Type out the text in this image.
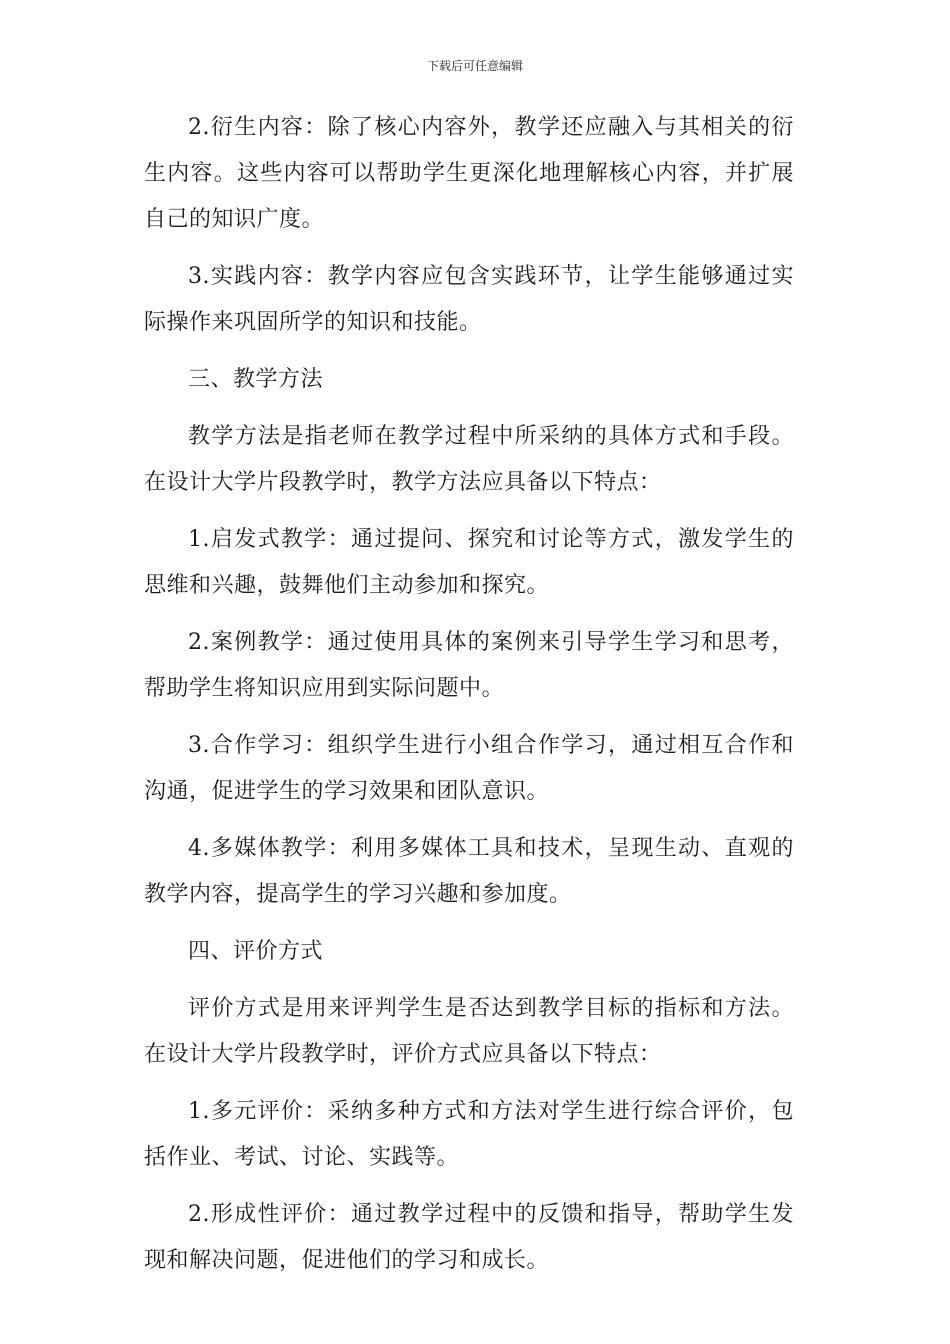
下载后可任意编辑

2.衍生内容：除了核心内容外，教学还应融入与其相关的衍生内容。这些内容可以帮助学生更深化地理解核心内容，并扩展自己的知识广度。

3.实践内容：教学内容应包含实践环节，让学生能够通过实际操作来巩固所学的知识和技能。

三、教学方法

教学方法是指老师在教学过程中所采纳的具体方式和手段。在设计大学片段教学时，教学方法应具备以下特点：

1.启发式教学：通过提问、探究和讨论等方式，激发学生的思维和兴趣，鼓舞他们主动参加和探究。

2.案例教学：通过使用具体的案例来引导学生学习和思考，帮助学生将知识应用到实际问题中。

3.合作学习：组织学生进行小组合作学习，通过相互合作和沟通，促进学生的学习效果和团队意识。

4.多媒体教学：利用多媒体工具和技术，呈现生动、直观的教学内容，提高学生的学习兴趣和参加度。

四、评价方式

评价方式是用来评判学生是否达到教学目标的指标和方法。在设计大学片段教学时，评价方式应具备以下特点：

1.多元评价：采纳多种方式和方法对学生进行综合评价，包括作业、考试、讨论、实践等。

2.形成性评价：通过教学过程中的反馈和指导，帮助学生发现和解决问题，促进他们的学习和成长。
